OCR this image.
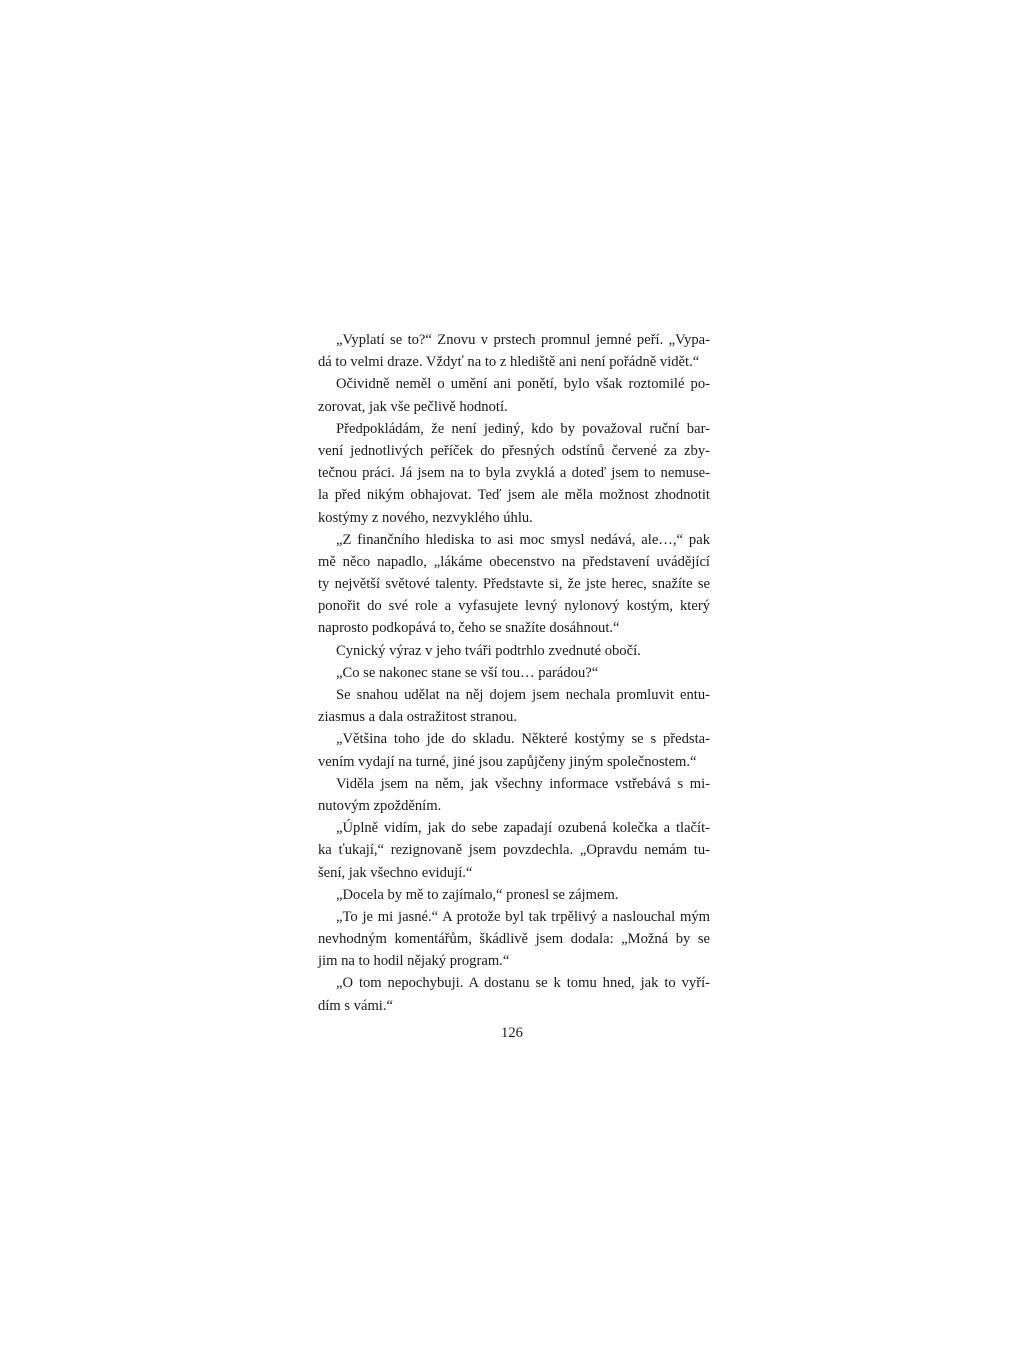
„Vyplatí se to?“ Znovu v prstech promnul jemné peří. „Vypa-
dá to velmi draze. Vždyť na to z hlediště ani není pořádně vidět.“
Očividně neměl o umění ani ponětí, bylo však roztomilé po-
zorovat, jak vše pečlivě hodnotí.
Předpokládám, že není jediný, kdo by považoval ruční bar-
vení jednotlivých peříček do přesných odstínů červené za zby-
tečnou práci. Já jsem na to byla zvyklá a doteď jsem to nemuse-
la před nikým obhajovat. Teď jsem ale měla možnost zhodnotit
kostýmy z nového, nezvyklého úhlu.
„Z finančního hlediska to asi moc smysl nedává, ale…,“ pak
mě něco napadlo, „lákáme obecenstvo na představení uvádějící
ty největší světové talenty. Představte si, že jste herec, snažíte se
ponořit do své role a vyfasujete levný nylonový kostým, který
naprosto podkopává to, čeho se snažíte dosáhnout.“
Cynický výraz v jeho tváři podtrhlo zvednuté obočí.
„Co se nakonec stane se vší tou… parádou?“
Se snahou udělat na něj dojem jsem nechala promluvit entu-
ziasmus a dala ostražitost stranou.
„Většina toho jde do skladu. Některé kostýmy se s předsta-
vením vydají na turné, jiné jsou zapůjčeny jiným společnostem.“
Viděla jsem na něm, jak všechny informace vstřebává s mi-
nutovým zpožděním.
„Úplně vidím, jak do sebe zapadají ozubená kolečka a tlačít-
ka ťukají,“ rezignovaně jsem povzdechla. „Opravdu nemám tu-
šení, jak všechno evidují.“
„Docela by mě to zajímalo,“ pronesl se zájmem.
„To je mi jasné.“ A protože byl tak trpělivý a naslouchal mým
nevhodným komentářům, škádlivě jsem dodala: „Možná by se
jim na to hodil nějaký program.“
„O tom nepochybuji. A dostanu se k tomu hned, jak to vyří-
dím s vámi.“
126
